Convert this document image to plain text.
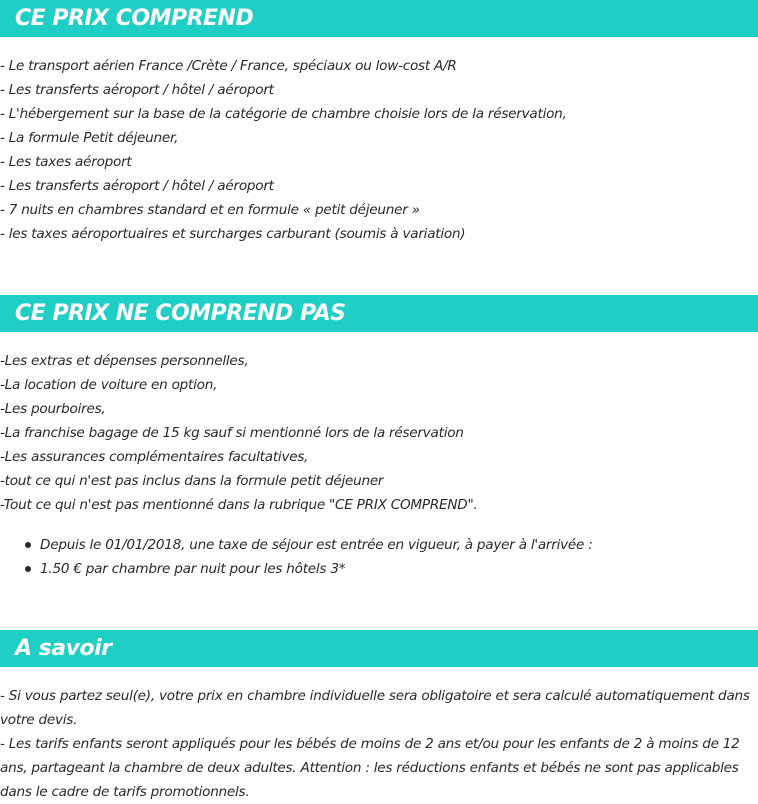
CE PRIX COMPREND
- Le transport aérien France /Crète / France, spéciaux ou low-cost A/R
- Les transferts aéroport / hôtel / aéroport
- L'hébergement sur la base de la catégorie de chambre choisie lors de la réservation,
- La formule Petit déjeuner,
- Les taxes aéroport
- Les transferts aéroport / hôtel / aéroport
- 7 nuits en chambres standard et en formule « petit déjeuner »
- les taxes aéroportuaires et surcharges carburant (soumis à variation)
CE PRIX NE COMPREND PAS
-Les extras et dépenses personnelles,
-La location de voiture en option,
-Les pourboires,
-La franchise bagage de 15 kg sauf si mentionné lors de la réservation
-Les assurances complémentaires facultatives,
-tout ce qui n'est pas inclus dans la formule petit déjeuner
-Tout ce qui n'est pas mentionné dans la rubrique "CE PRIX COMPREND".
Depuis le 01/01/2018, une taxe de séjour est entrée en vigueur, à payer à l'arrivée :
1.50 € par chambre par nuit pour les hôtels 3*
A savoir
- Si vous partez seul(e), votre prix en chambre individuelle sera obligatoire et sera calculé automatiquement dans votre devis.
- Les tarifs enfants seront appliqués pour les bébés de moins de 2 ans et/ou pour les enfants de 2 à moins de 12 ans, partageant la chambre de deux adultes. Attention : les réductions enfants et bébés ne sont pas applicables dans le cadre de tarifs promotionnels.
